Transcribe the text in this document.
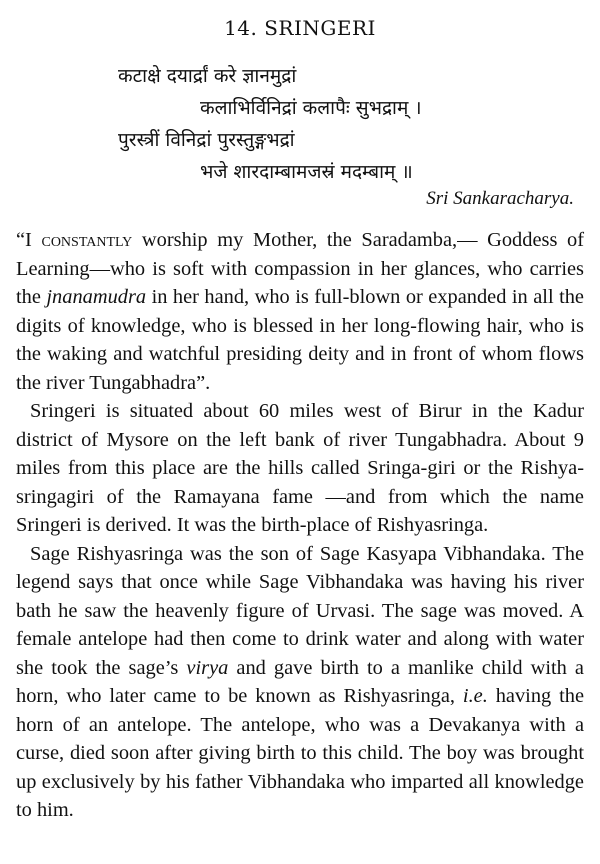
14. SRINGERI
कटाक्षे दयार्द्रां करे ज्ञानमुद्रां
कलाभिर्विनिद्रां कलापैः सुभद्राम् ।
पुरस्त्रीं विनिद्रां पुरस्तुङ्गभद्रां
भजे शारदाम्बामजस्रं मदम्बाम् ॥
Sri Sankaracharya.

“I constantly worship my Mother, the Saradamba,— Goddess of Learning—who is soft with compassion in her glances, who carries the jnanamudra in her hand, who is full-blown or expanded in all the digits of knowledge, who is blessed in her long-flowing hair, who is the waking and watchful presiding deity and in front of whom flows the river Tungabhadra”.

Sringeri is situated about 60 miles west of Birur in the Kadur district of Mysore on the left bank of river Tungabhadra. About 9 miles from this place are the hills called Sringa-giri or the Rishya-sringagiri of the Ramayana fame —and from which the name Sringeri is derived. It was the birth-place of Rishyasringa.

Sage Rishyasringa was the son of Sage Kasyapa Vibhandaka. The legend says that once while Sage Vibhandaka was having his river bath he saw the heavenly figure of Urvasi. The sage was moved. A female antelope had then come to drink water and along with water she took the sage’s virya and gave birth to a manlike child with a horn, who later came to be known as Rishyasringa, i.e. having the horn of an antelope. The antelope, who was a Devakanya with a curse, died soon after giving birth to this child. The boy was brought up exclusively by his father Vibhandaka who imparted all knowledge to him.
